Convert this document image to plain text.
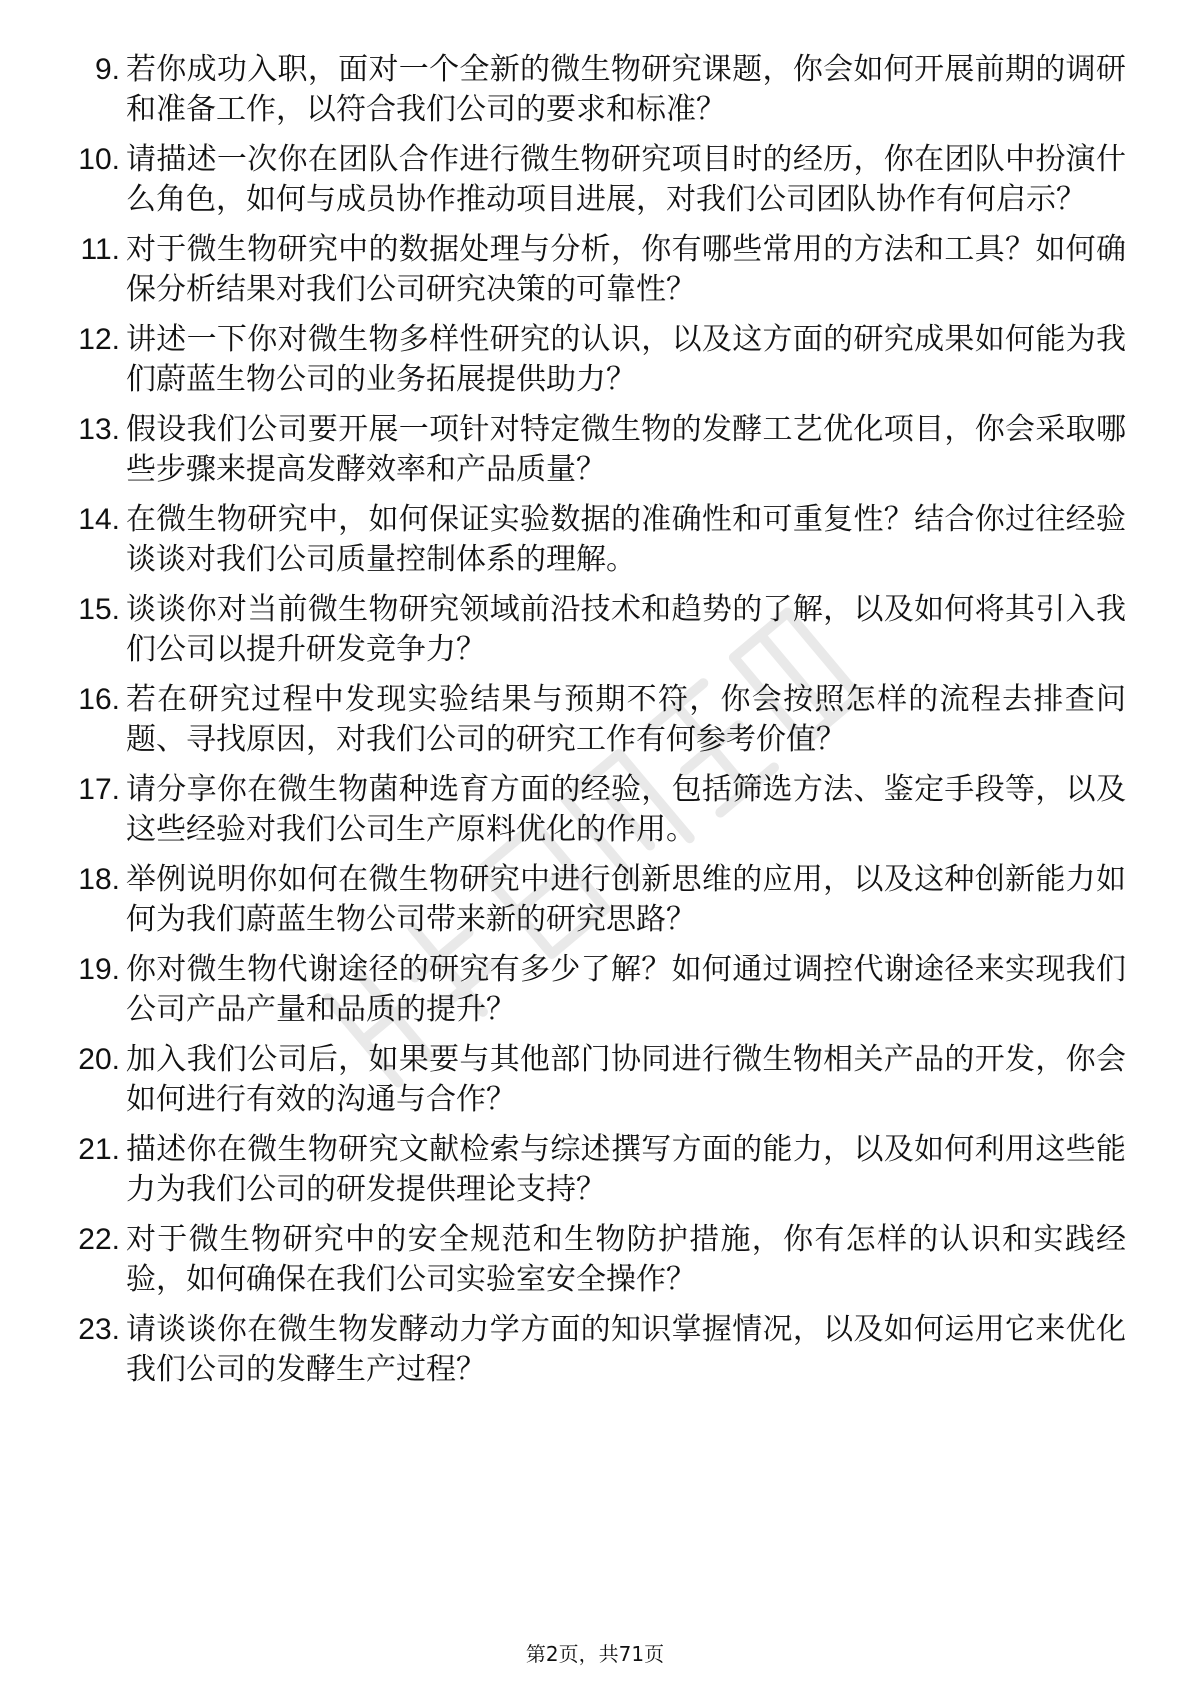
9. 若你成功入职，面对一个全新的微生物研究课题，你会如何开展前期的调研和准备工作，以符合我们公司的要求和标准？
10. 请描述一次你在团队合作进行微生物研究项目时的经历，你在团队中扮演什么角色，如何与成员协作推动项目进展，对我们公司团队协作有何启示？
11. 对于微生物研究中的数据处理与分析，你有哪些常用的方法和工具？如何确保分析结果对我们公司研究决策的可靠性？
12. 讲述一下你对微生物多样性研究的认识，以及这方面的研究成果如何能为我们蔚蓝生物公司的业务拓展提供助力？
13. 假设我们公司要开展一项针对特定微生物的发酵工艺优化项目，你会采取哪些步骤来提高发酵效率和产品质量？
14. 在微生物研究中，如何保证实验数据的准确性和可重复性？结合你过往经验谈谈对我们公司质量控制体系的理解。
15. 谈谈你对当前微生物研究领域前沿技术和趋势的了解，以及如何将其引入我们公司以提升研发竞争力？
16. 若在研究过程中发现实验结果与预期不符，你会按照怎样的流程去排查问题、寻找原因，对我们公司的研究工作有何参考价值？
17. 请分享你在微生物菌种选育方面的经验，包括筛选方法、鉴定手段等，以及这些经验对我们公司生产原料优化的作用。
18. 举例说明你如何在微生物研究中进行创新思维的应用，以及这种创新能力如何为我们蔚蓝生物公司带来新的研究思路？
19. 你对微生物代谢途径的研究有多少了解？如何通过调控代谢途径来实现我们公司产品产量和品质的提升？
20. 加入我们公司后，如果要与其他部门协同进行微生物相关产品的开发，你会如何进行有效的沟通与合作？
21. 描述你在微生物研究文献检索与综述撰写方面的能力，以及如何利用这些能力为我们公司的研发提供理论支持？
22. 对于微生物研究中的安全规范和生物防护措施，你有怎样的认识和实践经验，如何确保在我们公司实验室安全操作？
23. 请谈谈你在微生物发酵动力学方面的知识掌握情况，以及如何运用它来优化我们公司的发酵生产过程？
第2页，共71页
